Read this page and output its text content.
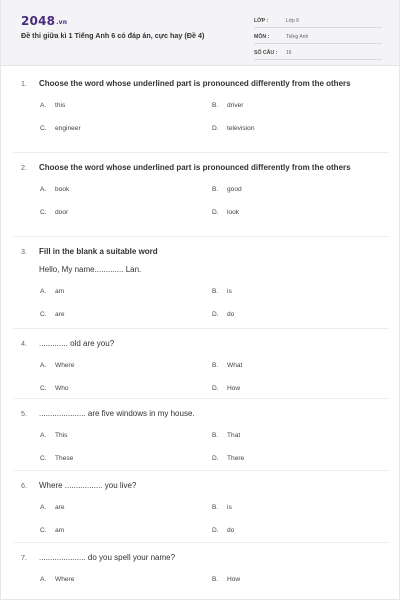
2048.vn
Đề thi giữa kì 1 Tiếng Anh 6 có đáp án, cực hay (Đề 4)
LỚP :	Lớp 6
MÔN :	Tiếng Anh
SỐ CÂU :	16
1.	Choose the word whose underlined part is pronounced differently from the others
A.	this	B.	driver
C.	engineer	D.	television
2.	Choose the word whose underlined part is pronounced differently from the others
A.	book	B.	good
C.	door	D.	look
3.	Fill in the blank a suitable word
Hello, My name............. Lan.
A.	am	B.	is
C.	are	D.	do
4.	............. old are you?
A.	Where	B.	What
C.	Who	D.	How
5.	..................... are five windows in my house.
A.	This	B.	That
C.	These	D.	There
6.	Where ................. you live?
A.	are	B.	is
C.	am	D.	do
7.	..................... do you spell your name?
A.	Where	B.	How
